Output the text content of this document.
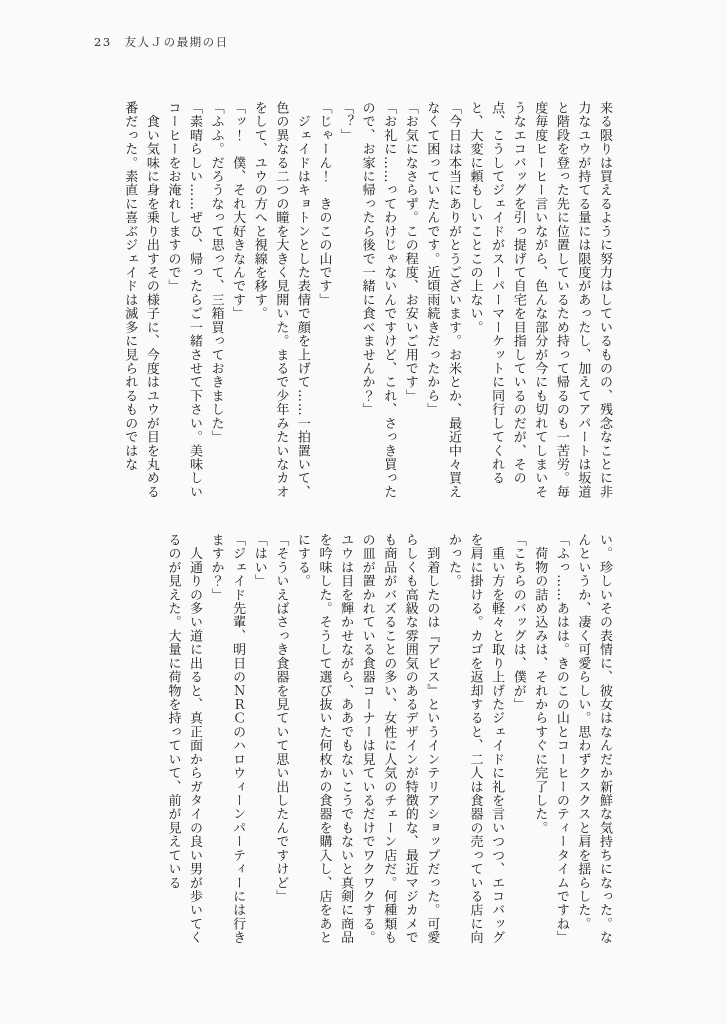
23 友人Ｊの最期の日

来る限りは買えるように努力はしているものの、残念なことに非力なユウが持てる量には限度があったし、加えてアパートは坂道と階段を登った先に位置しているため持って帰るのも一苦労。毎度毎度ヒーヒー言いながら、色んな部分が今にも切れてしまいそうなエコバッグを引っ提げて自宅を目指しているのだが、その点、こうしてジェイドがスーパーマーケットに同行してくれると、大変に頼もしいことこの上ない。

「今日は本当にありがとうございます。お米とか、最近中々買えなくて困っていたんです。近頃雨続きだったから」

「お気になさらず。この程度、お安いご用です」

「お礼に……ってわけじゃないんですけど、これ、さっき買ったので、お家に帰ったら後で一緒に食べませんか？」

「？」

「じゃーん！　きのこの山です」

　ジェイドはキョトンとした表情で顔を上げて……一拍置いて、色の異なる二つの瞳を大きく見開いた。まるで少年みたいなカオをして、ユウの方へと視線を移す。

「ッ！　僕、それ大好きなんです」

「ふふ。だろうなって思って、三箱買っておきました」

「素晴らしい……ぜひ、帰ったらご一緒させて下さい。美味しいコーヒーをお淹れしますので」

　食い気味に身を乗り出すその様子に、今度はユウが目を丸める番だった。素直に喜ぶジェイドは滅多に見られるものではな

い。珍しいその表情に、彼女はなんだか新鮮な気持ちになった。なんというか、凄く可愛らしい。思わずクスクスと肩を揺らした。

「ふっ……あはは。きのこの山とコーヒーのティータイムですね」

　荷物の詰め込みは、それからすぐに完了した。

「こちらのバッグは、僕が」

　重い方を軽々と取り上げたジェイドに礼を言いつつ、エコバッグを肩に掛ける。カゴを返却すると、二人は食器の売っている店に向かった。

　到着したのは『アビス』というインテリアショップだった。可愛らしくも高級な雰囲気のあるデザインが特徴的な、最近マジカメでも商品がバズることの多い、女性に人気のチェーン店だ。何種類もの皿が置かれている食器コーナーは見ているだけでワクワクする。ユウは目を輝かせながら、ああでもないこうでもないと真剣に商品を吟味した。そうして選び抜いた何枚かの食器を購入し、店をあとにする。

「そういえばさっき食器を見ていて思い出したんですけど」

「はい」

「ジェイド先輩、明日のＮＲＣのハロウィーンパーティーには行きますか？」

　人通りの多い道に出ると、真正面からガタイの良い男が歩いてくるのが見えた。大量に荷物を持っていて、前が見えている
